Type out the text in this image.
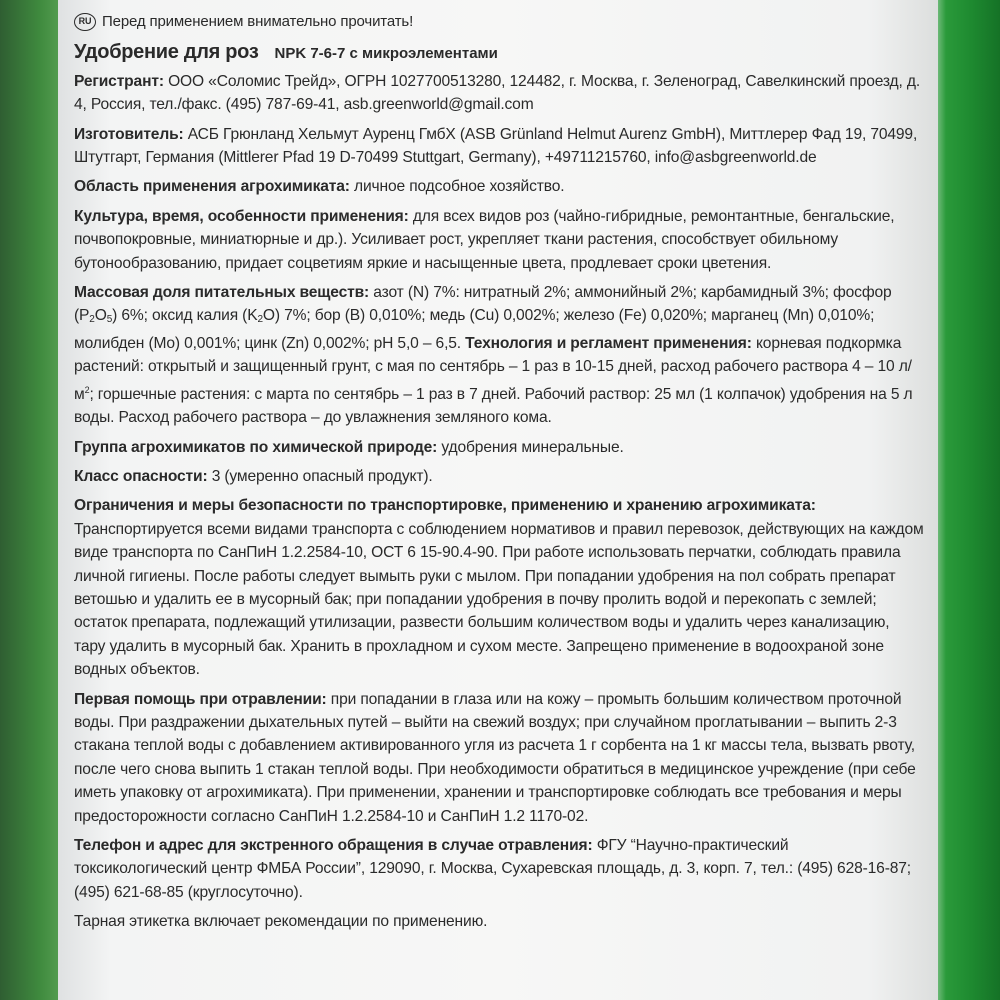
RU Перед применением внимательно прочитать!
Удобрение для роз NPK 7-6-7 с микроэлементами

Регистрант: ООО «Соломис Трейд», ОГРН 1027700513280, 124482, г. Москва, г. Зеленоград, Савелкинский проезд, д. 4, Россия, тел./факс. (495) 787-69-41, asb.greenworld@gmail.com

Изготовитель: АСБ Грюнланд Хельмут Ауренц ГмбХ (ASB Grünland Helmut Aurenz GmbH), Миттлерер Фад 19, 70499, Штутгарт, Германия (Mittlerer Pfad 19 D-70499 Stuttgart, Germany), +49711215760, info@asbgreenworld.de

Область применения агрохимиката: личное подсобное хозяйство.

Культура, время, особенности применения: для всех видов роз (чайно-гибридные, ремонтантные, бенгальские, почвопокровные, миниатюрные и др.). Усиливает рост, укрепляет ткани растения, способствует обильному бутонообразованию, придает соцветиям яркие и насыщенные цвета, продлевает сроки цветения.

Массовая доля питательных веществ: азот (N) 7%: нитратный 2%; аммонийный 2%; карбамидный 3%; фосфор $(P_2O_5)$ 6%; оксид калия $(K_2O)$ 7%; бор (B) 0,010%; медь (Cu) 0,002%; железо (Fe) 0,020%; марганец (Mn) 0,010%; молибден (Mo) 0,001%; цинк (Zn) 0,002%; pH 5,0 – 6,5. Технология и регламент применения: корневая подкормка растений: открытый и защищенный грунт, с мая по сентябрь – 1 раз в 10-15 дней, расход рабочего раствора 4 – 10 $л/м^2$; горшечные растения: с марта по сентябрь – 1 раз в 7 дней. Рабочий раствор: 25 мл (1 колпачок) удобрения на 5 л воды. Расход рабочего раствора – до увлажнения земляного кома.

Группа агрохимикатов по химической природе: удобрения минеральные.

Класс опасности: 3 (умеренно опасный продукт).

Ограничения и меры безопасности по транспортировке, применению и хранению агрохимиката: Транспортируется всеми видами транспорта с соблюдением нормативов и правил перевозок, действующих на каждом виде транспорта по СанПиН 1.2.2584-10, ОСТ 6 15-90.4-90. При работе использовать перчатки, соблюдать правила личной гигиены. После работы следует вымыть руки с мылом. При попадании удобрения на пол собрать препарат ветошью и удалить ее в мусорный бак; при попадании удобрения в почву пролить водой и перекопать с землей; остаток препарата, подлежащий утилизации, развести большим количеством воды и удалить через канализацию, тару удалить в мусорный бак. Хранить в прохладном и сухом месте. Запрещено применение в водоохраной зоне водных объектов.

Первая помощь при отравлении: при попадании в глаза или на кожу – промыть большим количеством проточной воды. При раздражении дыхательных путей – выйти на свежий воздух; при случайном проглатывании – выпить 2-3 стакана теплой воды с добавлением активированного угля из расчета 1 г сорбента на 1 кг массы тела, вызвать рвоту, после чего снова выпить 1 стакан теплой воды. При необходимости обратиться в медицинское учреждение (при себе иметь упаковку от агрохимиката). При применении, хранении и транспортировке соблюдать все требования и меры предосторожности согласно СанПиН 1.2.2584-10 и СанПиН 1.2 1170-02.

Телефон и адрес для экстренного обращения в случае отравления: ФГУ “Научно-практический токсикологический центр ФМБА России”, 129090, г. Москва, Сухаревская площадь, д. 3, корп. 7, тел.: (495) 628-16-87; (495) 621-68-85 (круглосуточно).

Тарная этикетка включает рекомендации по применению.
